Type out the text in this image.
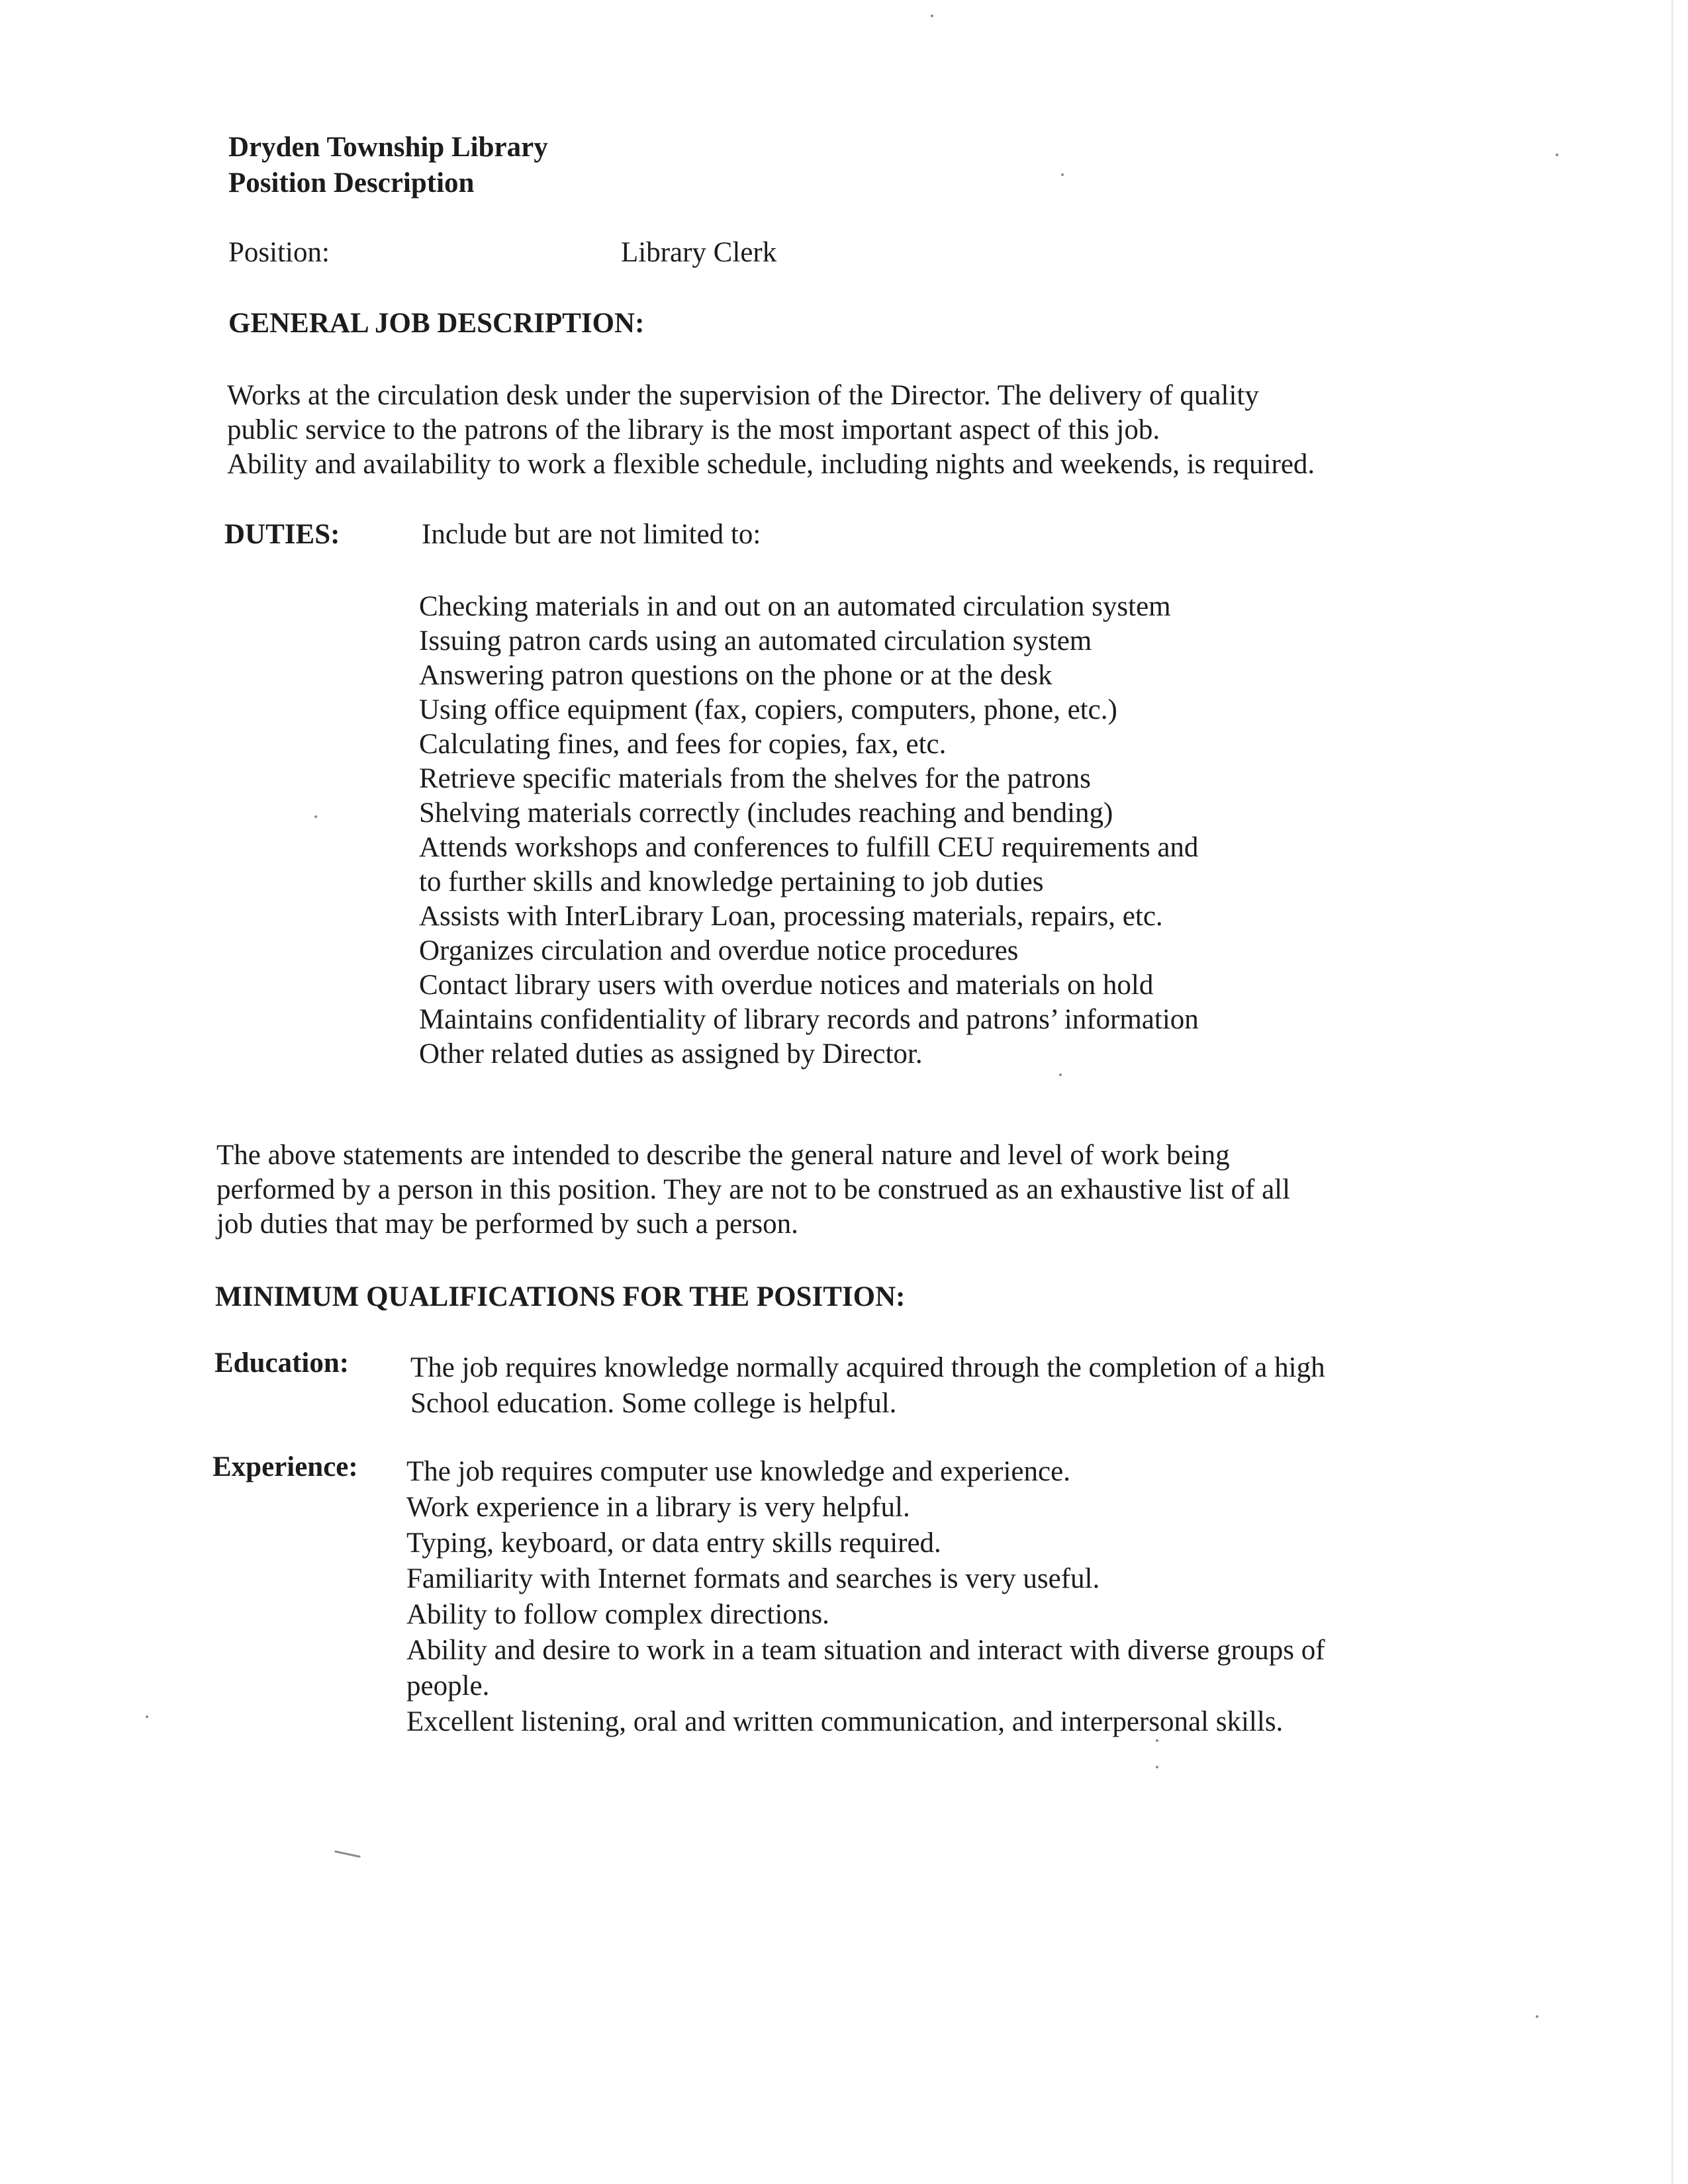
Dryden Township Library
Position Description
Position:	Library Clerk
GENERAL JOB DESCRIPTION:
Works at the circulation desk under the supervision of the Director. The delivery of quality
public service to the patrons of the library is the most important aspect of this job.
Ability and availability to work a flexible schedule, including nights and weekends, is required.
DUTIES:	Include but are not limited to:
Checking materials in and out on an automated circulation system
Issuing patron cards using an automated circulation system
Answering patron questions on the phone or at the desk
Using office equipment (fax, copiers, computers, phone, etc.)
Calculating fines, and fees for copies, fax, etc.
Retrieve specific materials from the shelves for the patrons
Shelving materials correctly (includes reaching and bending)
Attends workshops and conferences to fulfill CEU requirements and
to further skills and knowledge pertaining to job duties
Assists with InterLibrary Loan, processing materials, repairs, etc.
Organizes circulation and overdue notice procedures
Contact library users with overdue notices and materials on hold
Maintains confidentiality of library records and patrons’ information
Other related duties as assigned by Director.
The above statements are intended to describe the general nature and level of work being
performed by a person in this position. They are not to be construed as an exhaustive list of all
job duties that may be performed by such a person.
MINIMUM QUALIFICATIONS FOR THE POSITION:
Education: The job requires knowledge normally acquired through the completion of a high
School education. Some college is helpful.
Experience: The job requires computer use knowledge and experience.
Work experience in a library is very helpful.
Typing, keyboard, or data entry skills required.
Familiarity with Internet formats and searches is very useful.
Ability to follow complex directions.
Ability and desire to work in a team situation and interact with diverse groups of
people.
Excellent listening, oral and written communication, and interpersonal skills.
